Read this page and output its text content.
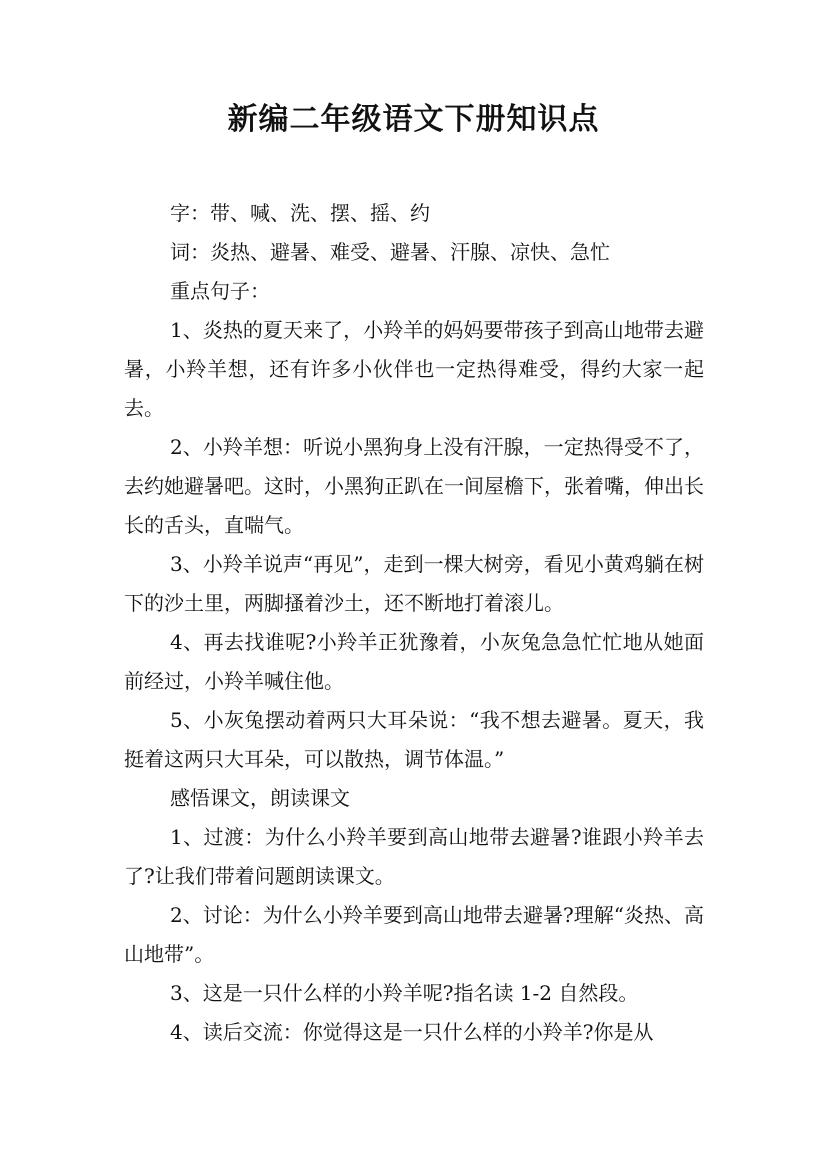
新编二年级语文下册知识点

字：带、喊、洗、摆、摇、约

词：炎热、避暑、难受、避暑、汗腺、凉快、急忙

重点句子：

1、炎热的夏天来了，小羚羊的妈妈要带孩子到高山地带去避暑，小羚羊想，还有许多小伙伴也一定热得难受，得约大家一起去。

2、小羚羊想：听说小黑狗身上没有汗腺，一定热得受不了，去约她避暑吧。这时，小黑狗正趴在一间屋檐下，张着嘴，伸出长长的舌头，直喘气。

3、小羚羊说声“再见”，走到一棵大树旁，看见小黄鸡躺在树下的沙土里，两脚搔着沙土，还不断地打着滚儿。

4、再去找谁呢?小羚羊正犹豫着，小灰兔急急忙忙地从她面前经过，小羚羊喊住他。

5、小灰兔摆动着两只大耳朵说：“我不想去避暑。夏天，我挺着这两只大耳朵，可以散热，调节体温。”

感悟课文，朗读课文

1、过渡：为什么小羚羊要到高山地带去避暑?谁跟小羚羊去了?让我们带着问题朗读课文。

2、讨论：为什么小羚羊要到高山地带去避暑?理解“炎热、高山地带”。

3、这是一只什么样的小羚羊呢?指名读 1-2 自然段。

4、读后交流：你觉得这是一只什么样的小羚羊?你是从
